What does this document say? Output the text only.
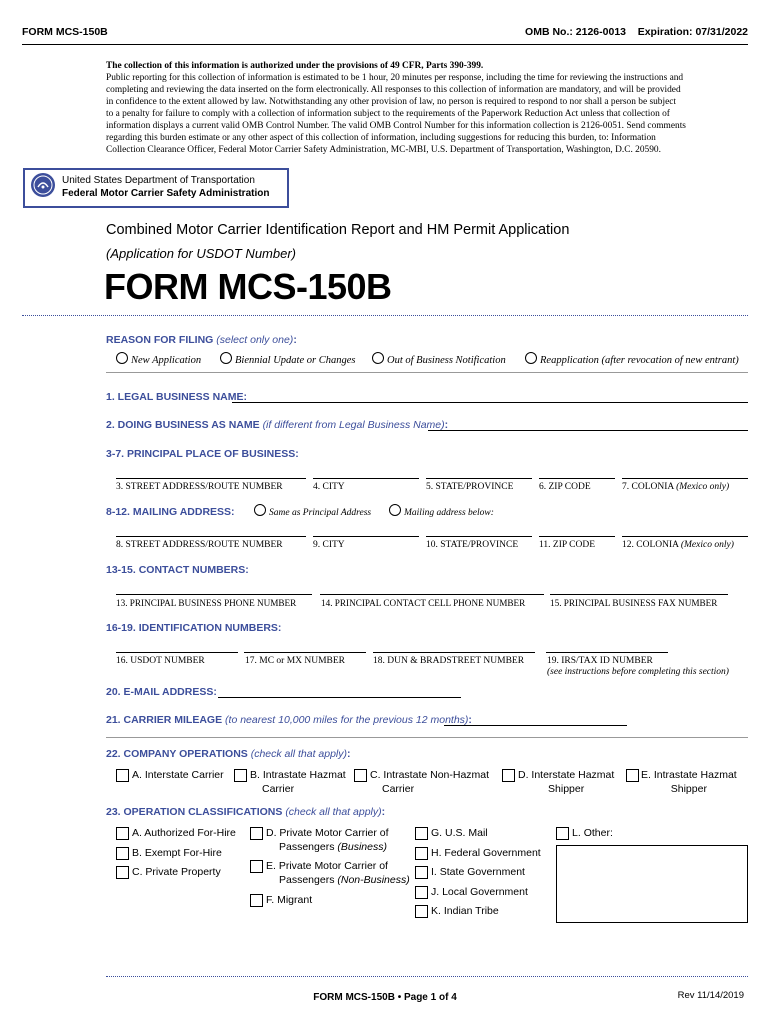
FORM MCS-150B	OMB No.: 2126-0013 Expiration: 07/31/2022
The collection of this information is authorized under the provisions of 49 CFR, Parts 390-399.
Public reporting for this collection of information is estimated to be 1 hour, 20 minutes per response, including the time for reviewing the instructions and
completing and reviewing the data inserted on the form electronically. All responses to this collection of information are mandatory, and will be provided
in confidence to the extent allowed by law. Notwithstanding any other provision of law, no person is required to respond to nor shall a person be subject
to a penalty for failure to comply with a collection of information subject to the requirements of the Paperwork Reduction Act unless that collection of
information displays a current valid OMB Control Number. The valid OMB Control Number for this information collection is 2126-0051. Send comments
regarding this burden estimate or any other aspect of this collection of information, including suggestions for reducing this burden, to: Information
Collection Clearance Officer, Federal Motor Carrier Safety Administration, MC-MBI, U.S. Department of Transportation, Washington, D.C. 20590.
United States Department of Transportation
Federal Motor Carrier Safety Administration
Combined Motor Carrier Identification Report and HM Permit Application
(Application for USDOT Number)
FORM MCS-150B
REASON FOR FILING (select only one):
New Application	Biennial Update or Changes	Out of Business Notification	Reapplication (after revocation of new entrant)
1. LEGAL BUSINESS NAME:
2. DOING BUSINESS AS NAME (if different from Legal Business Name):
3-7. PRINCIPAL PLACE OF BUSINESS:
3. STREET ADDRESS/ROUTE NUMBER	4. CITY	5. STATE/PROVINCE	6. ZIP CODE	7. COLONIA (Mexico only)
8-12. MAILING ADDRESS:	Same as Principal Address	Mailing address below:
8. STREET ADDRESS/ROUTE NUMBER	9. CITY	10. STATE/PROVINCE 11. ZIP CODE	12. COLONIA (Mexico only)
13-15. CONTACT NUMBERS:
13. PRINCIPAL BUSINESS PHONE NUMBER	14. PRINCIPAL CONTACT CELL PHONE NUMBER	15. PRINCIPAL BUSINESS FAX NUMBER
16-19. IDENTIFICATION NUMBERS:
16. USDOT NUMBER	17. MC or MX NUMBER	18. DUN & BRADSTREET NUMBER 19. IRS/TAX ID NUMBER
(see instructions before completing this section)
20. E-MAIL ADDRESS:
21. CARRIER MILEAGE (to nearest 10,000 miles for the previous 12 months):
22. COMPANY OPERATIONS (check all that apply):
A. Interstate Carrier	B. Intrastate Hazmat
Carrier
C. Intrastate Non-Hazmat
Carrier
D. Interstate Hazmat
Shipper
E. Intrastate Hazmat
Shipper
23. OPERATION CLASSIFICATIONS (check all that apply):
A. Authorized For-Hire
B. Exempt For-Hire
C. Private Property
D. Private Motor Carrier of
Passengers (Business)
E. Private Motor Carrier of
Passengers (Non-Business)
F. Migrant
G. U.S. Mail
H. Federal Government
I. State Government
J. Local Government
K. Indian Tribe
L. Other:
FORM MCS-150B • Page 1 of 4	Rev 11/14/2019
